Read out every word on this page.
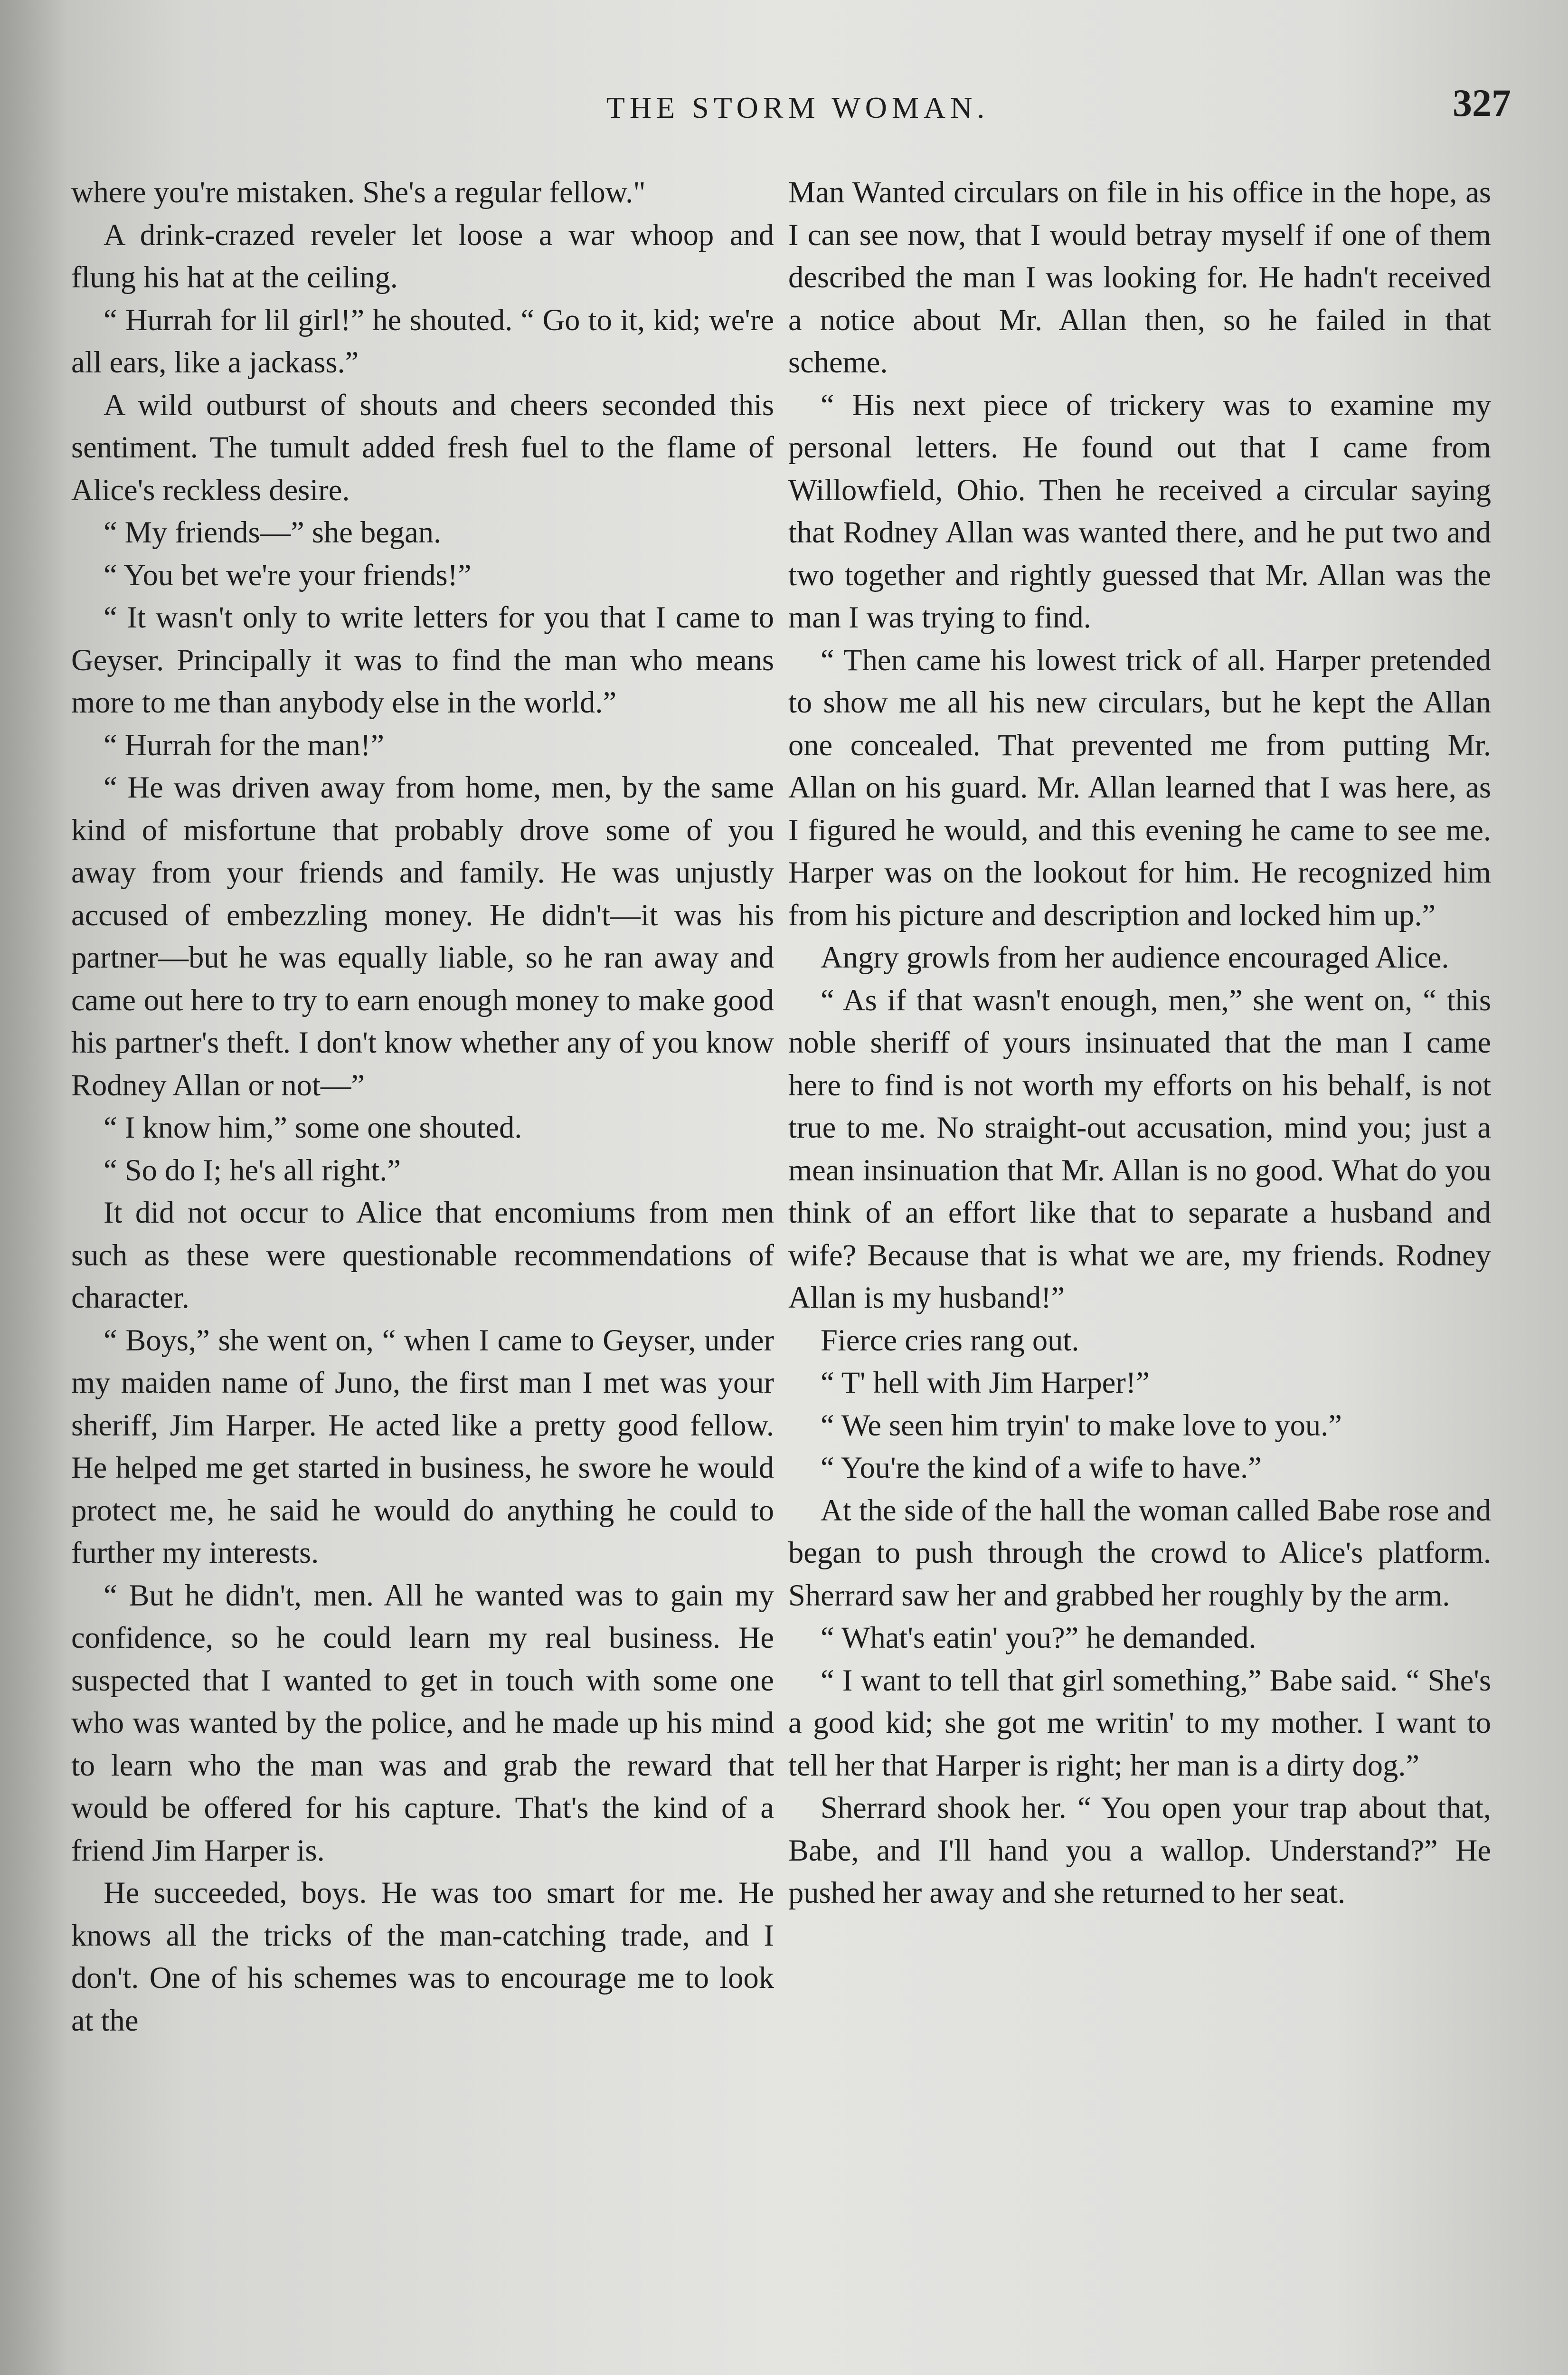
THE STORM WOMAN.	327

where you're mistaken. She's a regular fellow."

A drink-crazed reveler let loose a war whoop and flung his hat at the ceiling.

“ Hurrah for lil girl!” he shouted. “ Go to it, kid; we're all ears, like a jackass.”

A wild outburst of shouts and cheers seconded this sentiment. The tumult added fresh fuel to the flame of Alice's reckless desire.

“ My friends—” she began.

“ You bet we're your friends!”

“ It wasn't only to write letters for you that I came to Geyser. Principally it was to find the man who means more to me than anybody else in the world.”

“ Hurrah for the man!”

“ He was driven away from home, men, by the same kind of misfortune that probably drove some of you away from your friends and family. He was unjustly accused of embezzling money. He didn't—it was his partner—but he was equally liable, so he ran away and came out here to try to earn enough money to make good his partner's theft. I don't know whether any of you know Rodney Allan or not—”

“ I know him,” some one shouted.

“ So do I; he's all right.”

It did not occur to Alice that encomiums from men such as these were questionable recommendations of character.

“ Boys,” she went on, “ when I came to Geyser, under my maiden name of Juno, the first man I met was your sheriff, Jim Harper. He acted like a pretty good fellow. He helped me get started in business, he swore he would protect me, he said he would do anything he could to further my interests.

“ But he didn't, men. All he wanted was to gain my confidence, so he could learn my real business. He suspected that I wanted to get in touch with some one who was wanted by the police, and he made up his mind to learn who the man was and grab the reward that would be offered for his capture. That's the kind of a friend Jim Harper is.

He succeeded, boys. He was too smart for me. He knows all the tricks of the man-catching trade, and I don't. One of his schemes was to encourage me to look at the

Man Wanted circulars on file in his office in the hope, as I can see now, that I would betray myself if one of them described the man I was looking for. He hadn't received a notice about Mr. Allan then, so he failed in that scheme.

“ His next piece of trickery was to examine my personal letters. He found out that I came from Willowfield, Ohio. Then he received a circular saying that Rodney Allan was wanted there, and he put two and two together and rightly guessed that Mr. Allan was the man I was trying to find.

“ Then came his lowest trick of all. Harper pretended to show me all his new circulars, but he kept the Allan one concealed. That prevented me from putting Mr. Allan on his guard. Mr. Allan learned that I was here, as I figured he would, and this evening he came to see me. Harper was on the lookout for him. He recognized him from his picture and description and locked him up.”

Angry growls from her audience encouraged Alice.

“ As if that wasn't enough, men,” she went on, “ this noble sheriff of yours insinuated that the man I came here to find is not worth my efforts on his behalf, is not true to me. No straight-out accusation, mind you; just a mean insinuation that Mr. Allan is no good. What do you think of an effort like that to separate a husband and wife? Because that is what we are, my friends. Rodney Allan is my husband!”

Fierce cries rang out.

“ T' hell with Jim Harper!”

“ We seen him tryin' to make love to you.”

“ You're the kind of a wife to have.”

At the side of the hall the woman called Babe rose and began to push through the crowd to Alice's platform. Sherrard saw her and grabbed her roughly by the arm.

“ What's eatin' you?” he demanded.

“ I want to tell that girl something,” Babe said. “ She's a good kid; she got me writin' to my mother. I want to tell her that Harper is right; her man is a dirty dog.”

Sherrard shook her. “ You open your trap about that, Babe, and I'll hand you a wallop. Understand?” He pushed her away and she returned to her seat.
